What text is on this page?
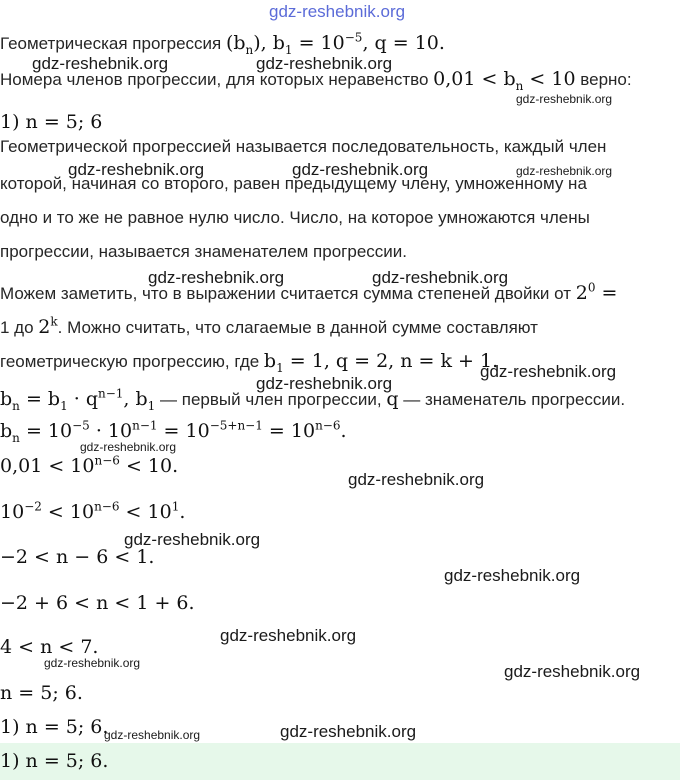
gdz-reshebnik.org
Геометрическая прогрессия $(b_n)$, $b_1 = 10^{-5}$, q = 10.
gdz-reshebnik.org	gdz-reshebnik.org
Номера членов прогрессии, для которых неравенство $0,01 < b_n < 10$ верно:
gdz-reshebnik.org
1) n = 5; 6
Геометрической прогрессией называется последовательность, каждый член
gdz-reshebnik.org	gdz-reshebnik.org	gdz-reshebnik.org
которой, начиная со второго, равен предыдущему члену, умноженному на
одно и то же не равное нулю число. Число, на которое умножаются члены
прогрессии, называется знаменателем прогрессии.
gdz-reshebnik.org	gdz-reshebnik.org
Можем заметить, что в выражении считается сумма степеней двойки от $2^0$ =
1 до 2$^k$. Можно считать, что слагаемые в данной сумме составляют
геометрическую прогрессию, где $b_1 = 1$, q = 2, n = k + 1.
gdz-reshebnik.org
gdz-reshebnik.org
$b_n = b_1 \cdot q^{n-1}$, $b_1$ — первый член прогрессии, q — знаменатель прогрессии.
$b_n = 10^{-5} \cdot 10^{n-1} = 10^{-5+n-1} = 10^{n-6}$.
gdz-reshebnik.org
$0,01 < 10^{n-6} < 10$.
gdz-reshebnik.org
$10^{-2} < 10^{n-6} < 10^1$.
gdz-reshebnik.org
−2 < n − 6 < 1.
gdz-reshebnik.org
−2 + 6 < n < 1 + 6.
gdz-reshebnik.org
4 < n < 7.
gdz-reshebnik.org	gdz-reshebnik.org
n = 5; 6.
1) n = 5; 6.
gdz-reshebnik.org	gdz-reshebnik.org
1) n = 5; 6.
